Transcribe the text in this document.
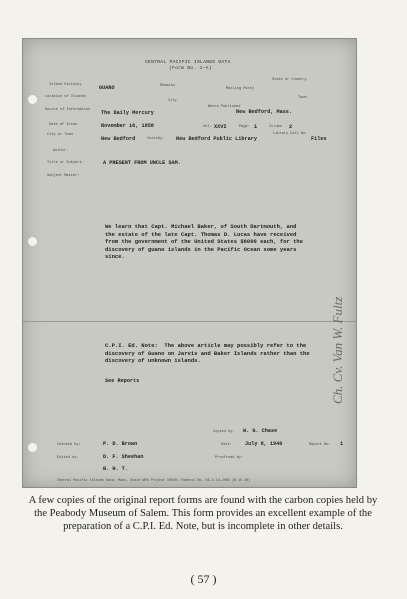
CENTRAL PACIFIC ISLANDS DATA
(Form No. 1-A)
Island Vicinity	GUANO	Remarks
Mailing Party
State or Country
Location of Islands
City
Town
Source of Information The Daily Mercury
Where Published
New Bedford, Mass.
Date of Issue	November 16, 1858	Vol: XXVI	Page: 1	Column 2
City or Town
New Bedford	Custody: New Bedford Public Library
Library Call No.
Files
Author:
Title or Subject:	A PRESENT FROM UNCLE SAM.
Subject Matter:
We learn that Capt. Michael Baker, of South Dartmouth, and
the estate of the late Capt. Thomas D. Lucas have received
from the government of the United States $6000 each, for the
discovery of guano islands in the Pacific Ocean some years
since.
C.P.I. Ed. Note:  The above article may possibly refer to the
discovery of Guano on Jarvis and Baker Islands rather than the
discovery of unknown islands.
See Reports
Copied by: W. G. Chase
Checked by:	P. D. Brown	Date:	July 8, 1940	Report No: 1
Edited by:	D. F. Sheehan	Proofread by:
B. H. T.
Central Pacific Islands Data: Mass. State WPA Project 30040: Federal No. 65-2-14-2005 (B.15.40)
Ch. Cv. Van W. Fultz
A few copies of the original report forms are found with the carbon copies held by the Peabody Museum of Salem. This form provides an excellent example of the preparation of a C.P.I. Ed. Note, but is incomplete in other details.
( 57 )
